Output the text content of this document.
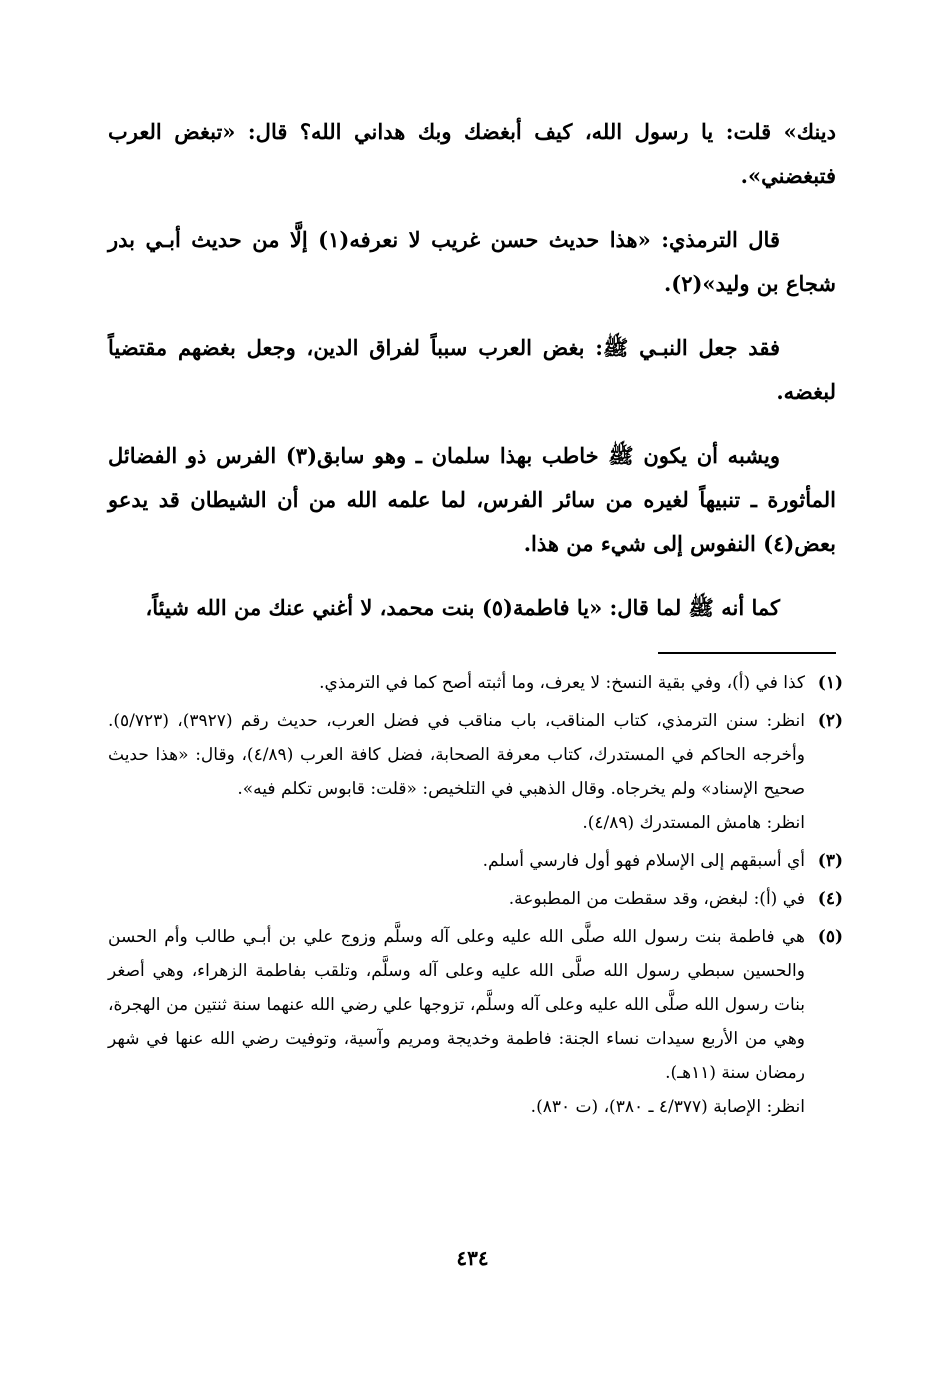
دينك» قلت: يا رسول الله، كيف أبغضك وبك هداني الله؟ قال: «تبغض العرب فتبغضني».

قال الترمذي: «هذا حديث حسن غريب لا نعرفه(١) إلَّا من حديث أبـي بدر شجاع بن وليد»(٢).

فقد جعل النبـي ﷺ: بغض العرب سبباً لفراق الدين، وجعل بغضهم مقتضياً لبغضه.

ويشبه أن يكون ﷺ خاطب بهذا سلمان ـ وهو سابق(٣) الفرس ذو الفضائل المأثورة ـ تنبيهاً لغيره من سائر الفرس، لما علمه الله من أن الشيطان قد يدعو بعض(٤) النفوس إلى شيء من هذا.

كما أنه ﷺ لما قال: «يا فاطمة(٥) بنت محمد، لا أغني عنك من الله شيئاً،

(١)

كذا في (أ)، وفي بقية النسخ: لا يعرف، وما أثبته أصح كما في الترمذي.

(٢)

انظر: سنن الترمذي، كتاب المناقب، باب مناقب في فضل العرب، حديث رقم (٣٩٢٧)، (٥/٧٢٣). وأخرجه الحاكم في المستدرك، كتاب معرفة الصحابة، فضل كافة العرب (٤/٨٩)، وقال: «هذا حديث صحيح الإسناد» ولم يخرجاه. وقال الذهبي في التلخيص: «قلت: قابوس تكلم فيه».

انظر: هامش المستدرك (٤/٨٩).

(٣)

أي أسبقهم إلى الإسلام فهو أول فارسي أسلم.

(٤)

في (أ): لبغض، وقد سقطت من المطبوعة.

(٥)

هي فاطمة بنت رسول الله صلَّى الله عليه وعلى آله وسلَّم وزوج علي بن أبـي طالب وأم الحسن والحسين سبطي رسول الله صلَّى الله عليه وعلى آله وسلَّم، وتلقب بفاطمة الزهراء، وهي أصغر بنات رسول الله صلَّى الله عليه وعلى آله وسلَّم، تزوجها علي رضي الله عنهما سنة ثنتين من الهجرة، وهي من الأربع سيدات نساء الجنة: فاطمة وخديجة ومريم وآسية، وتوفيت رضي الله عنها في شهر رمضان سنة (١١هـ).

انظر: الإصابة (٤/٣٧٧ ـ ٣٨٠)، (ت ٨٣٠).

٤٣٤
